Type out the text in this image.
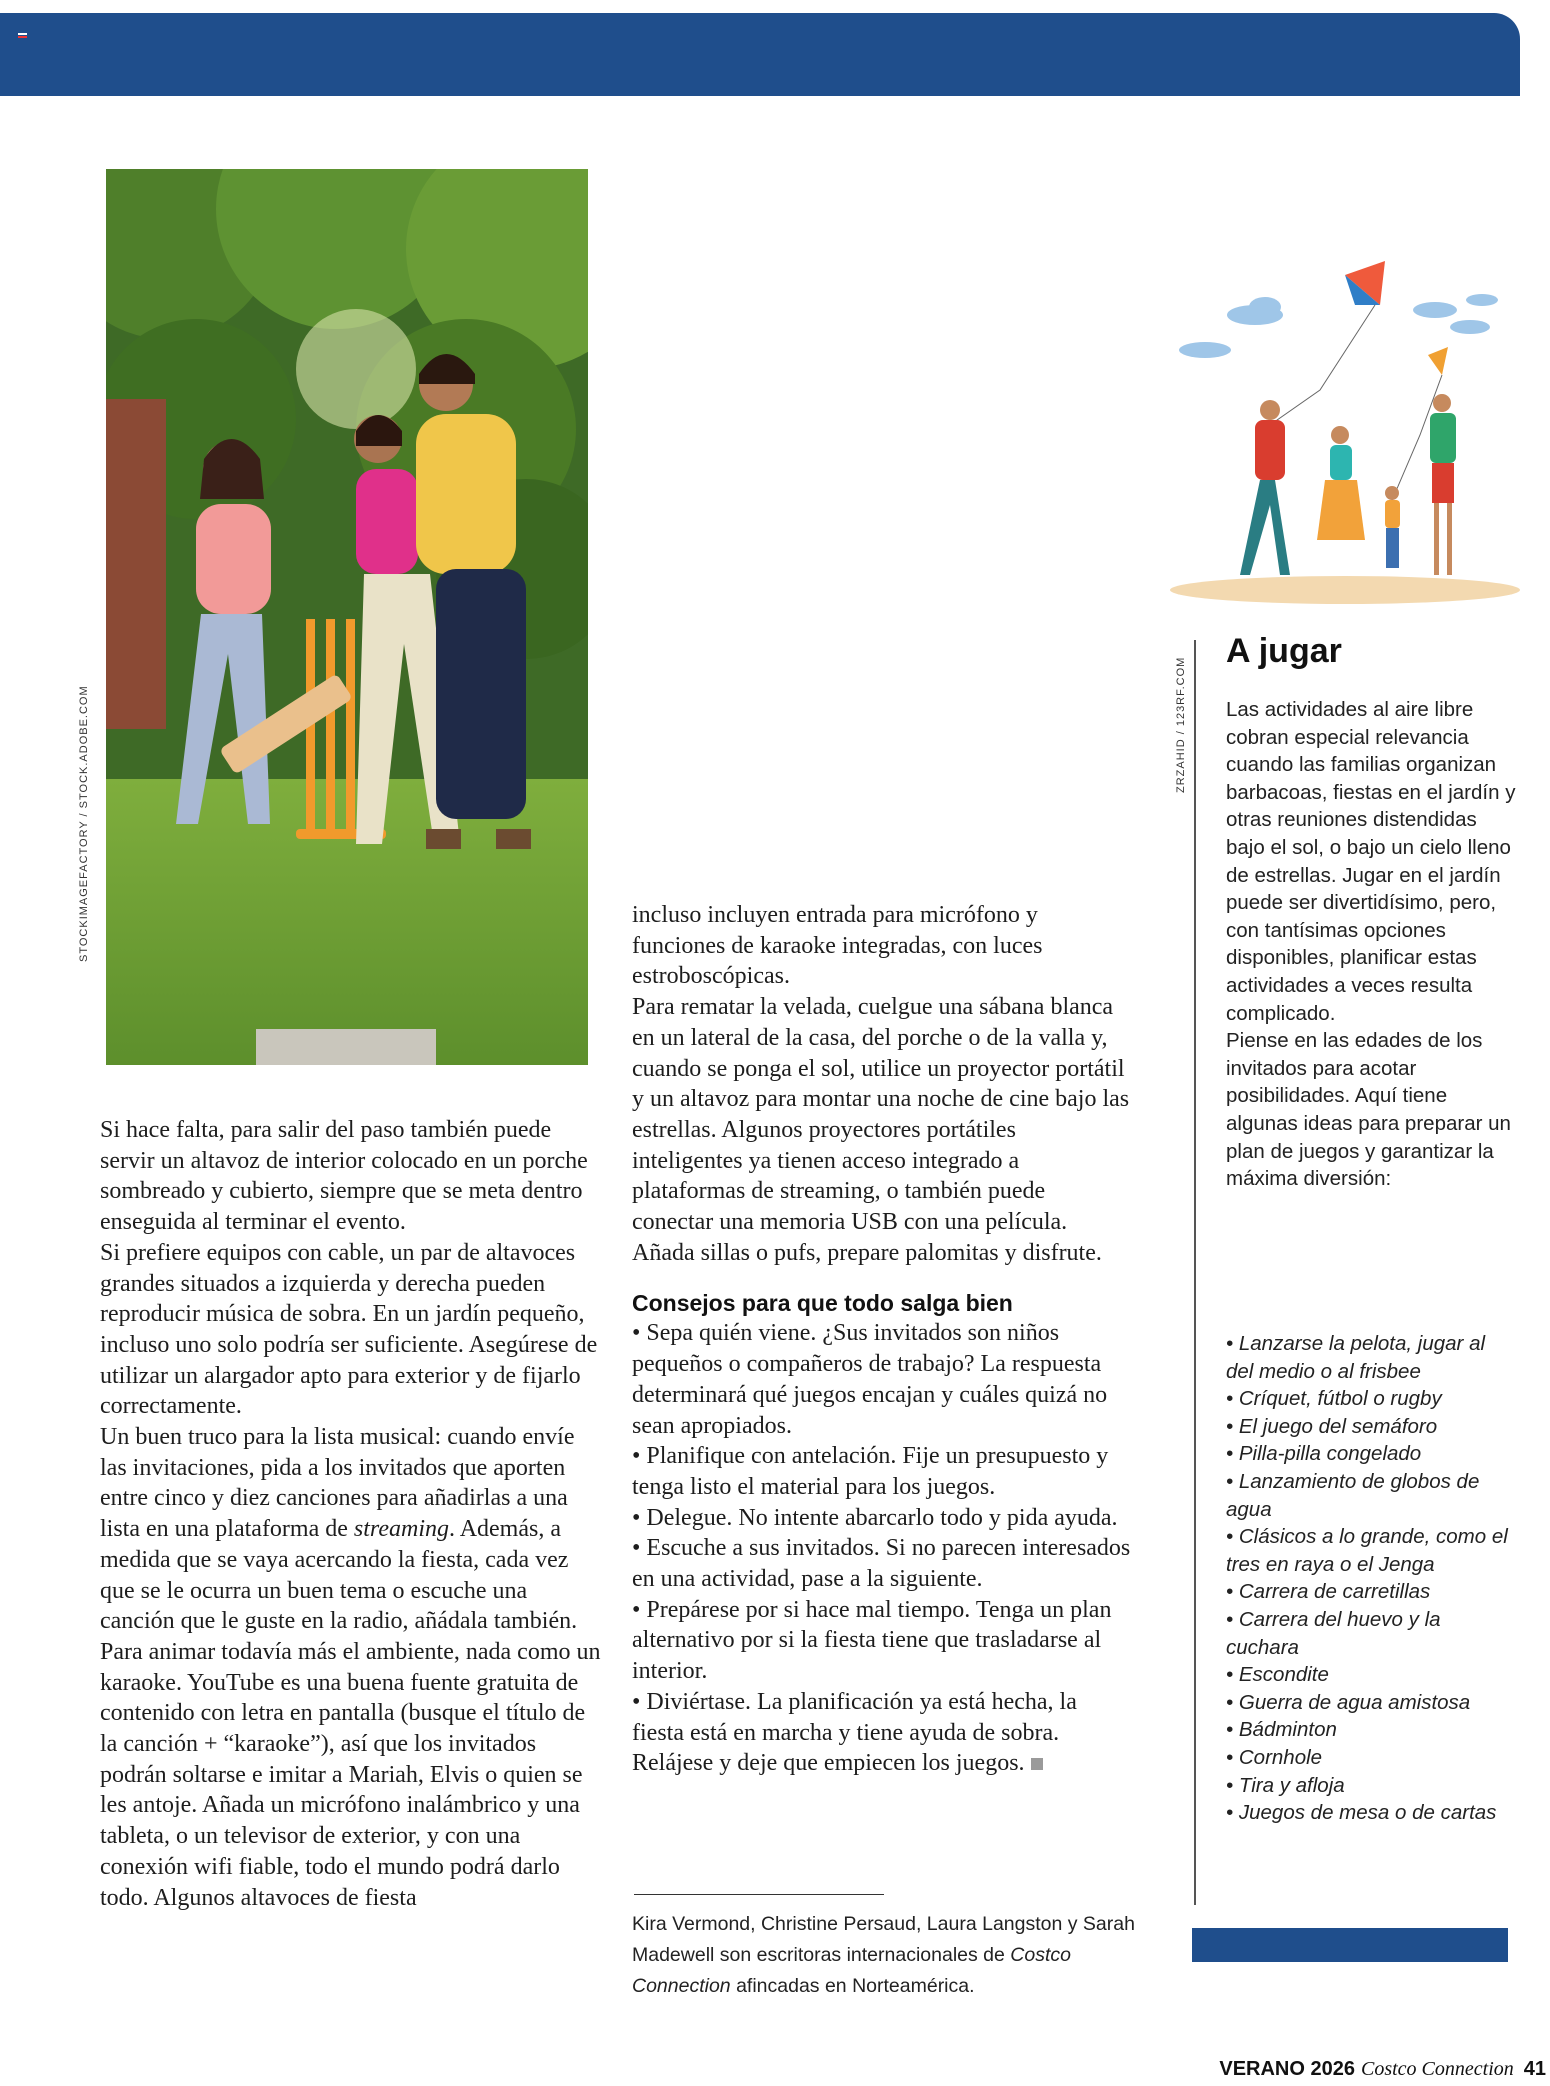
STOCKIMAGEFACTORY / STOCK.ADOBE.COM

Si hace falta, para salir del paso también puede servir un altavoz de interior colocado en un porche sombreado y cubierto, siempre que se meta dentro enseguida al terminar el evento.

Si prefiere equipos con cable, un par de altavoces grandes situados a izquierda y derecha pueden reproducir música de sobra. En un jardín pequeño, incluso uno solo podría ser suficiente. Asegúrese de utilizar un alargador apto para exterior y de fijarlo correctamente.

Un buen truco para la lista musical: cuando envíe las invitaciones, pida a los invitados que aporten entre cinco y diez canciones para añadirlas a una lista en una plataforma de streaming. Además, a medida que se vaya acercando la fiesta, cada vez que se le ocurra un buen tema o escuche una canción que le guste en la radio, añádala también.

Para animar todavía más el ambiente, nada como un karaoke. YouTube es una buena fuente gratuita de contenido con letra en pantalla (busque el título de la canción + “karaoke”), así que los invitados podrán soltarse e imitar a Mariah, Elvis o quien se les antoje. Añada un micrófono inalámbrico y una tableta, o un televisor de exterior, y con una conexión wifi fiable, todo el mundo podrá darlo todo. Algunos altavoces de fiesta

incluso incluyen entrada para micrófono y funciones de karaoke integradas, con luces estroboscópicas.

Para rematar la velada, cuelgue una sábana blanca en un lateral de la casa, del porche o de la valla y, cuando se ponga el sol, utilice un proyector portátil y un altavoz para montar una noche de cine bajo las estrellas. Algunos proyectores portátiles inteligentes ya tienen acceso integrado a plataformas de streaming, o también puede conectar una memoria USB con una película. Añada sillas o pufs, prepare palomitas y disfrute.

Consejos para que todo salga bien

• Sepa quién viene. ¿Sus invitados son niños pequeños o compañeros de trabajo? La respuesta determinará qué juegos encajan y cuáles quizá no sean apropiados.

• Planifique con antelación. Fije un presupuesto y tenga listo el material para los juegos.

• Delegue. No intente abarcarlo todo y pida ayuda.

• Escuche a sus invitados. Si no parecen interesados en una actividad, pase a la siguiente.

• Prepárese por si hace mal tiempo. Tenga un plan alternativo por si la fiesta tiene que trasladarse al interior.

• Diviértase. La planificación ya está hecha, la fiesta está en marcha y tiene ayuda de sobra. Relájese y deje que empiecen los juegos.

Kira Vermond, Christine Persaud, Laura Langston y Sarah Madewell son escritoras internacionales de Costco Connection afincadas en Norteamérica.
ZRZAHID / 123RF.COM
A jugar

Las actividades al aire libre cobran especial relevancia cuando las familias organizan barbacoas, fiestas en el jardín y otras reuniones distendidas bajo el sol, o bajo un cielo lleno de estrellas. Jugar en el jardín puede ser divertidísimo, pero, con tantísimas opciones disponibles, planificar estas actividades a veces resulta complicado.

Piense en las edades de los invitados para acotar posibilidades. Aquí tiene algunas ideas para preparar un plan de juegos y garantizar la máxima diversión:

• Lanzarse la pelota, jugar al del medio o al frisbee
• Críquet, fútbol o rugby
• El juego del semáforo
• Pilla-pilla congelado
• Lanzamiento de globos de agua
• Clásicos a lo grande, como el tres en raya o el Jenga
• Carrera de carretillas
• Carrera del huevo y la cuchara
• Escondite
• Guerra de agua amistosa
• Bádminton
• Cornhole
• Tira y afloja
• Juegos de mesa o de cartas
VERANO 2026 Costco Connection 41
